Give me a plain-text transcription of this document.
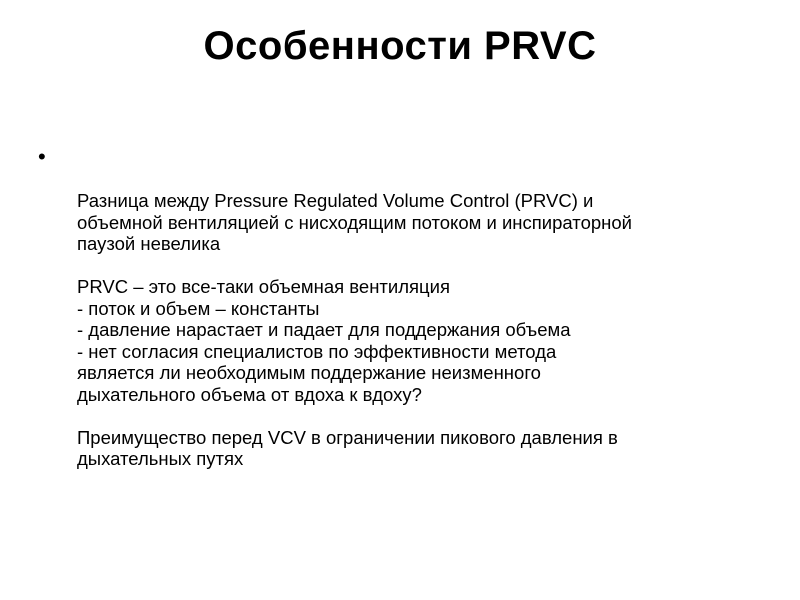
Особенности PRVC
•
Разница между Pressure Regulated Volume Control (PRVC) и
объемной вентиляцией с нисходящим потоком и инспираторной
паузой невелика
PRVC – это все-таки объемная вентиляция
- поток и объем – константы
- давление нарастает и падает для поддержания объема
- нет согласия специалистов по эффективности метода
является ли необходимым поддержание неизменного
дыхательного объема от вдоха к вдоху?
Преимущество перед VCV в ограничении пикового давления в
дыхательных путях
